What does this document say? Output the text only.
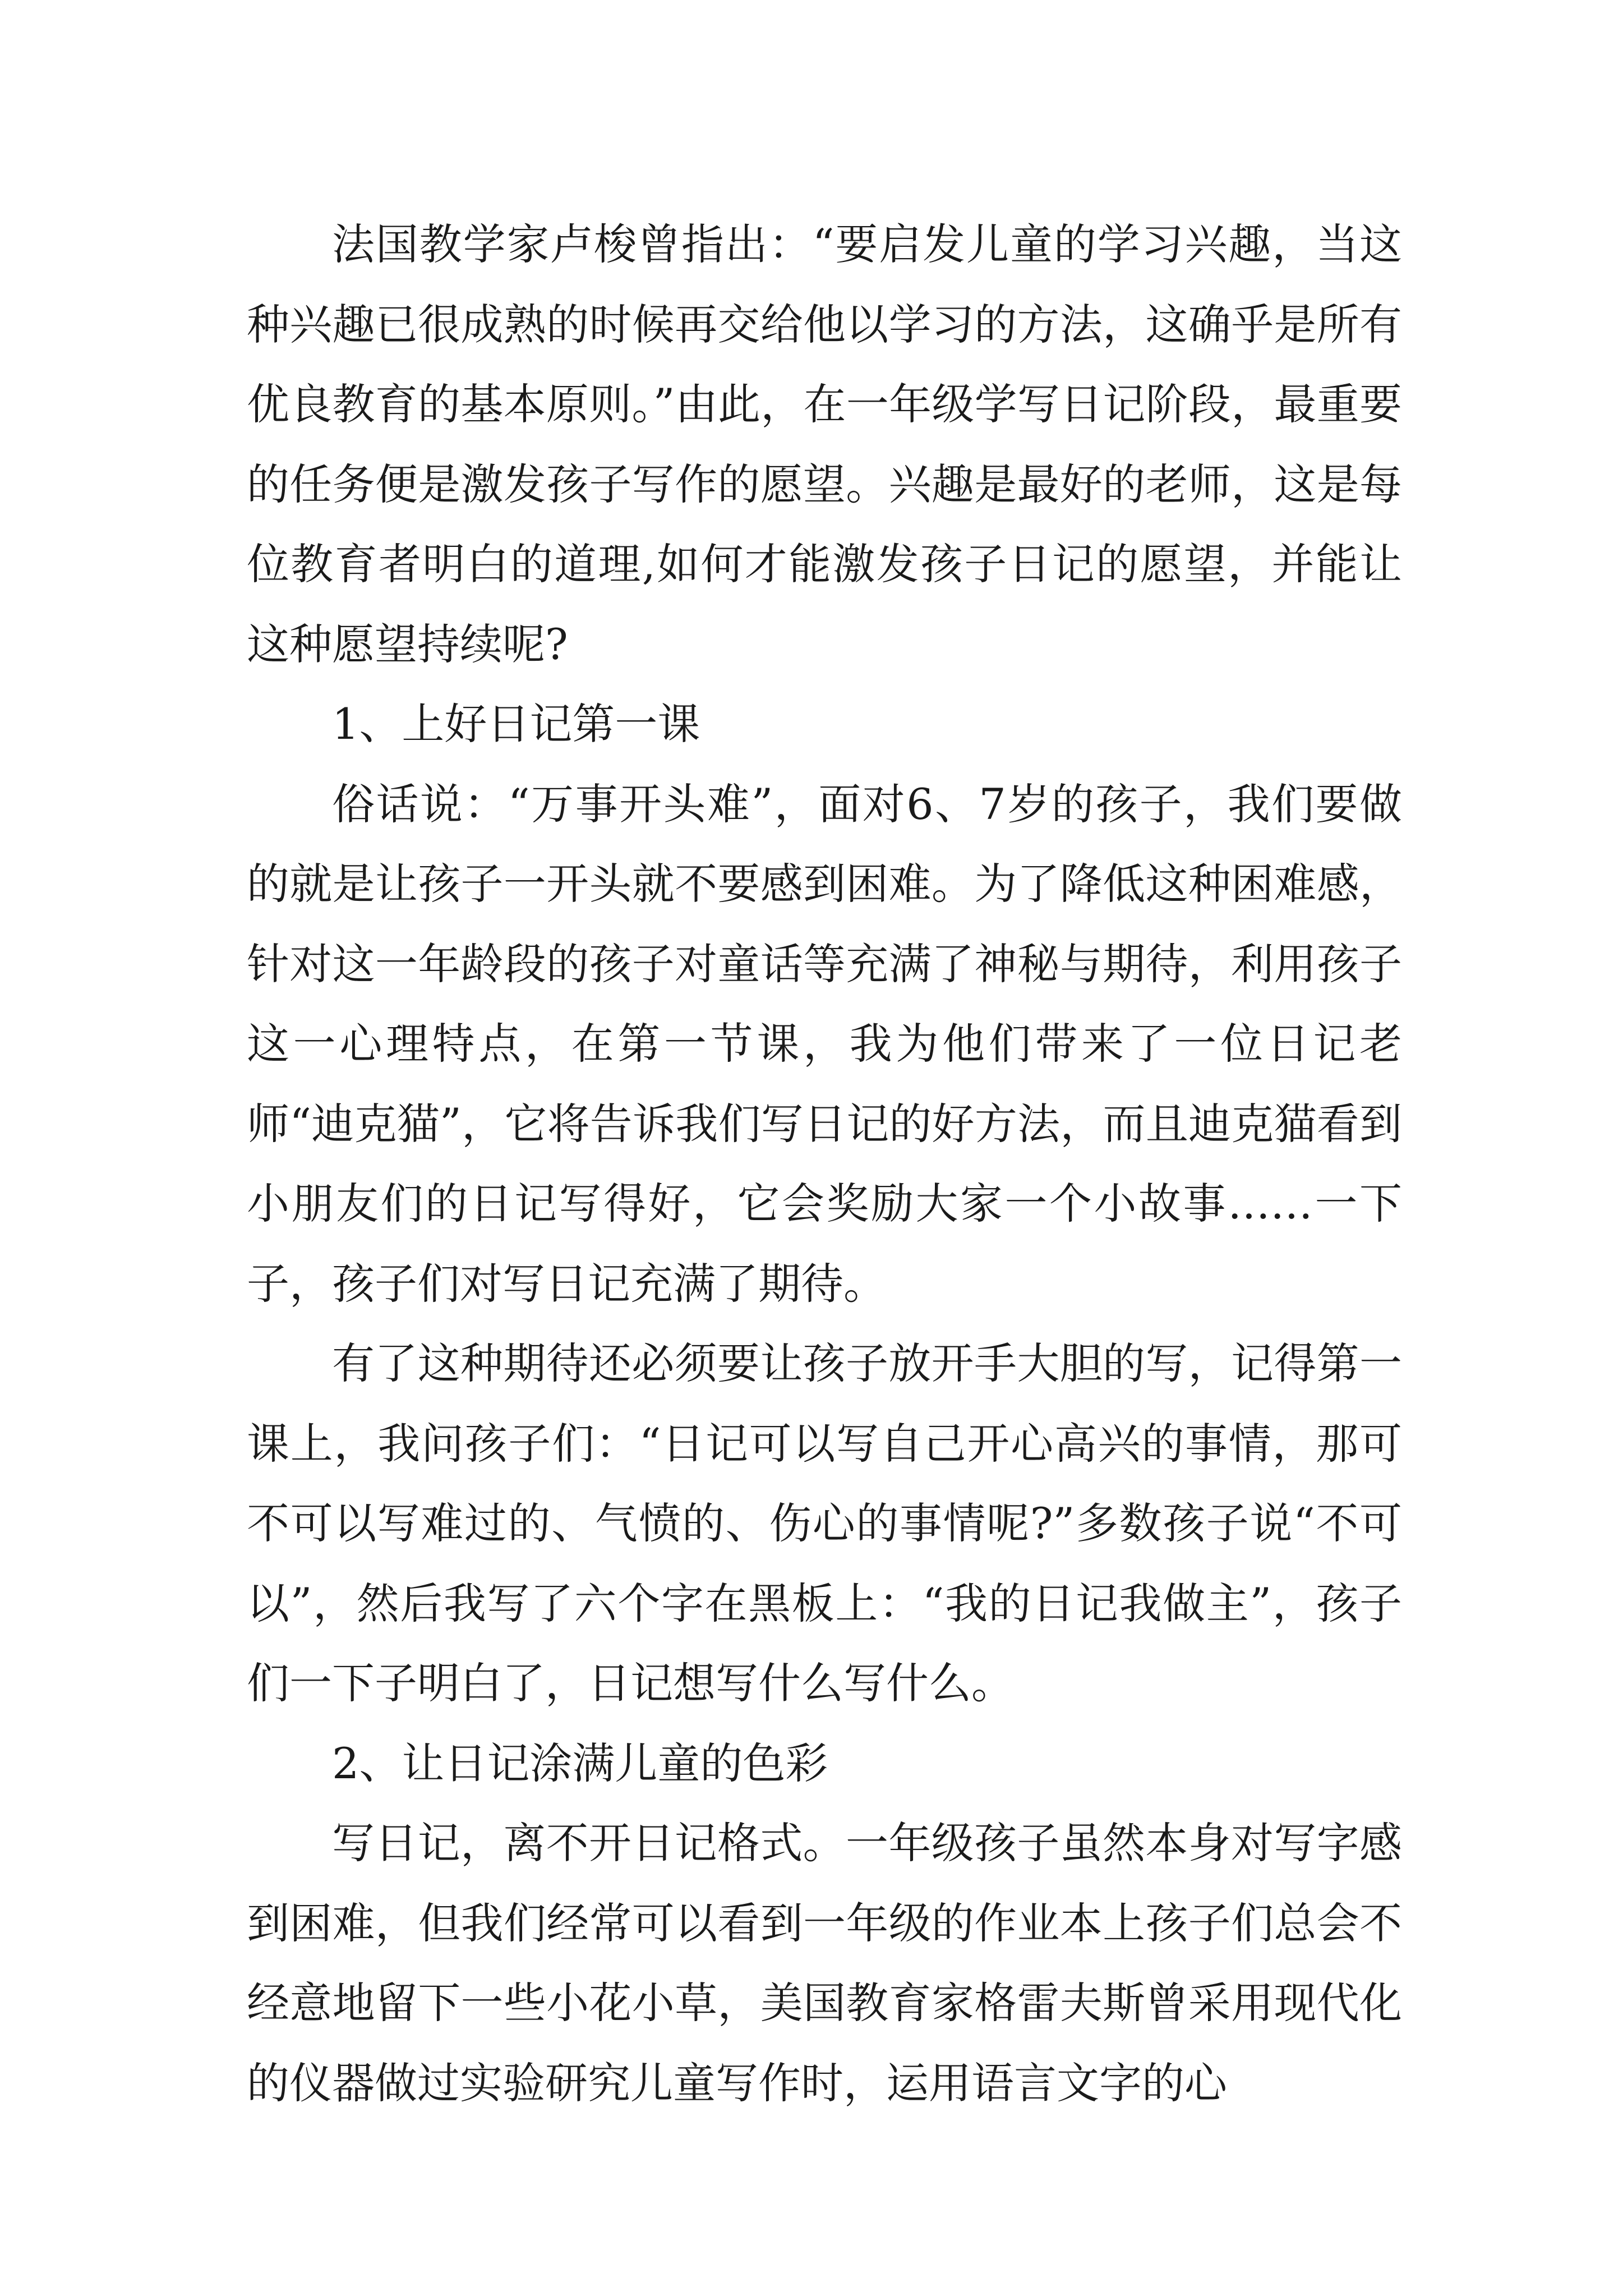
法国教学家卢梭曾指出：“要启发儿童的学习兴趣，当这种兴趣已很成熟的时候再交给他以学习的方法，这确乎是所有优良教育的基本原则。”由此，在一年级学写日记阶段，最重要的任务便是激发孩子写作的愿望。兴趣是最好的老师，这是每位教育者明白的道理,如何才能激发孩子日记的愿望，并能让这种愿望持续呢?

1、上好日记第一课

俗话说：“万事开头难”，面对6、7岁的孩子，我们要做的就是让孩子一开头就不要感到困难。为了降低这种困难感，针对这一年龄段的孩子对童话等充满了神秘与期待，利用孩子这一心理特点，在第一节课，我为他们带来了一位日记老师“迪克猫”，它将告诉我们写日记的好方法，而且迪克猫看到小朋友们的日记写得好，它会奖励大家一个小故事……一下子，孩子们对写日记充满了期待。

有了这种期待还必须要让孩子放开手大胆的写，记得第一课上，我问孩子们：“日记可以写自己开心高兴的事情，那可不可以写难过的、气愤的、伤心的事情呢?”多数孩子说“不可以”，然后我写了六个字在黑板上：“我的日记我做主”，孩子们一下子明白了，日记想写什么写什么。

2、让日记涂满儿童的色彩

写日记，离不开日记格式。一年级孩子虽然本身对写字感到困难，但我们经常可以看到一年级的作业本上孩子们总会不经意地留下一些小花小草，美国教育家格雷夫斯曾采用现代化的仪器做过实验研究儿童写作时，运用语言文字的心
